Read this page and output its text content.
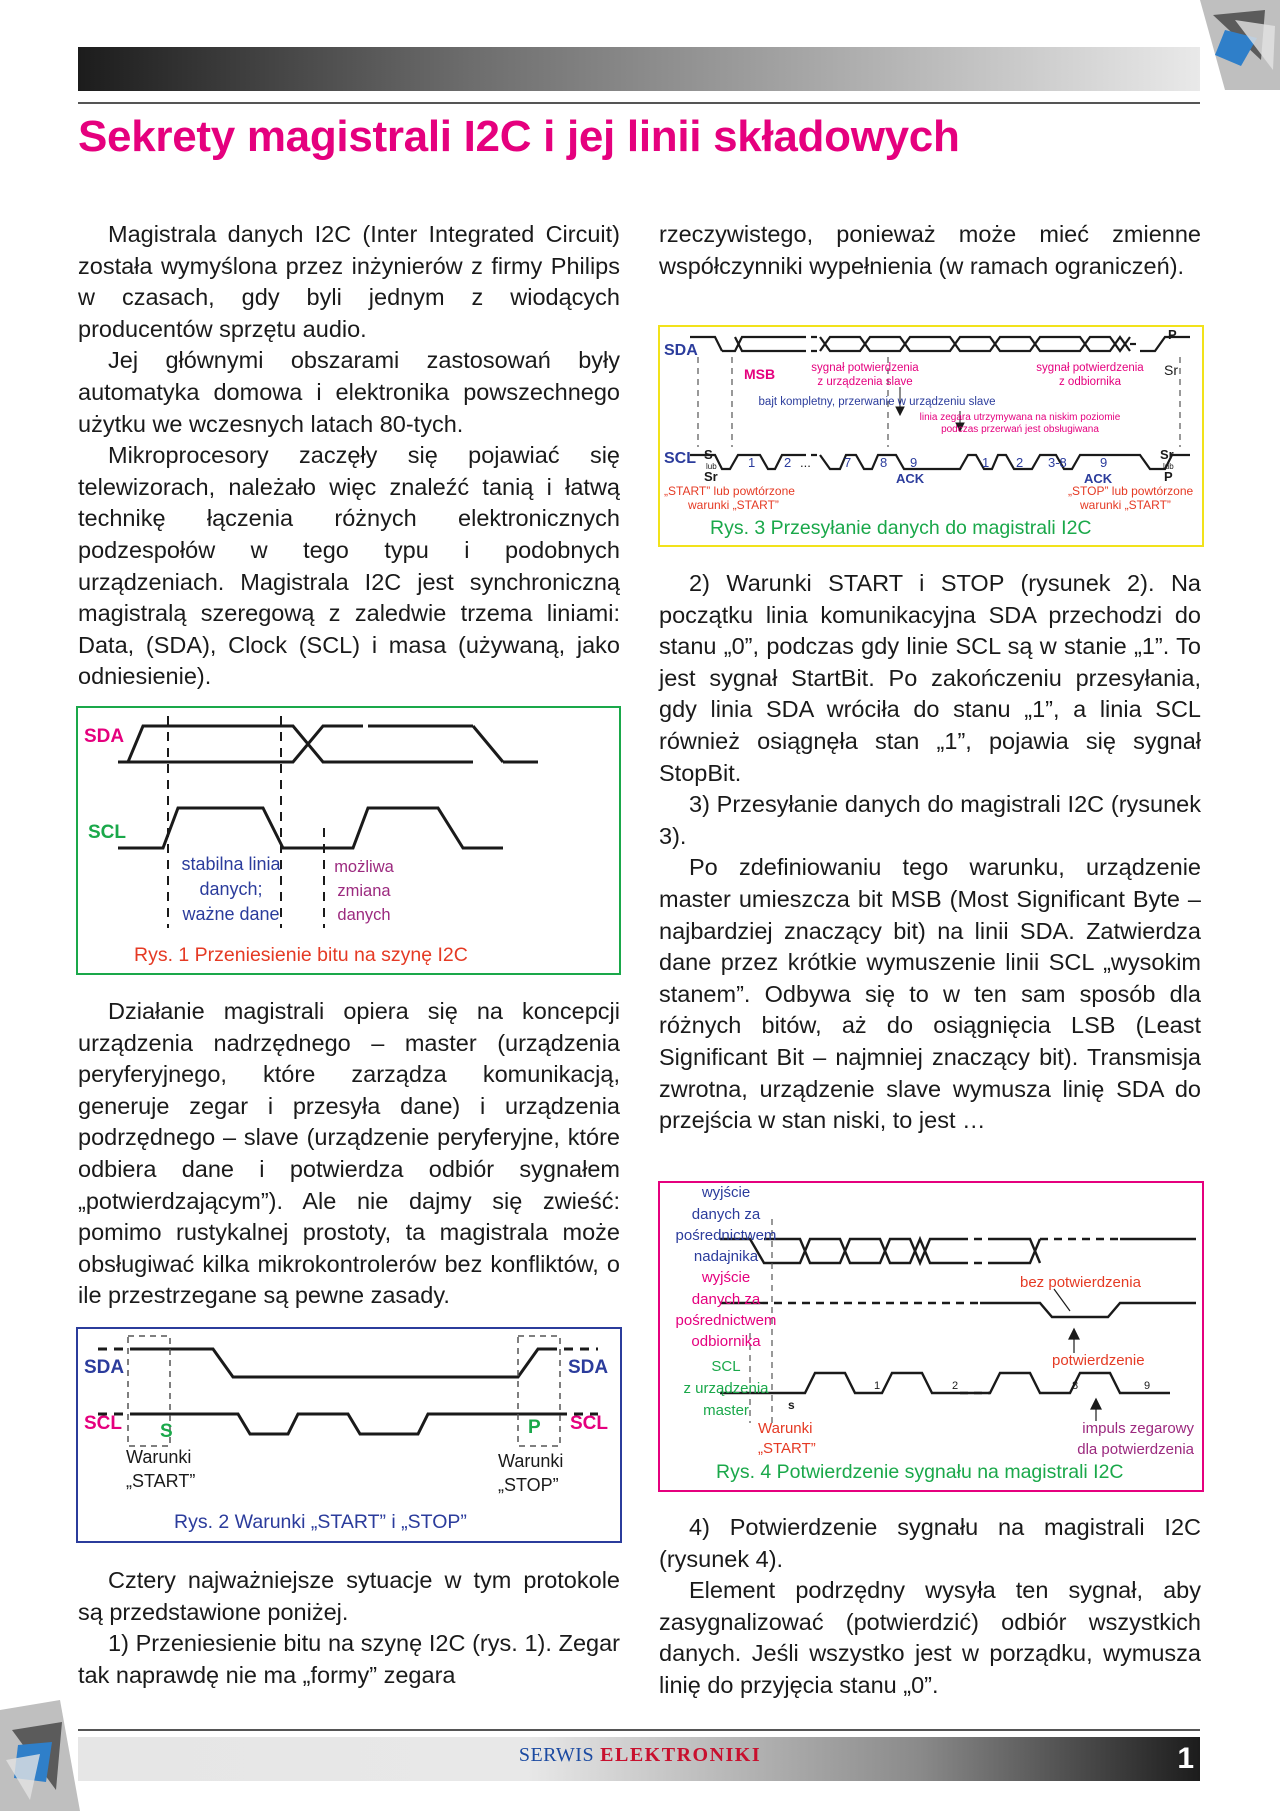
Sekrety magistrali I2C i jej linii składowych

Magistrala danych I2C (Inter Integrated Circuit) została wymyślona przez inżynierów z firmy Philips w czasach, gdy byli jednym z wiodących producentów sprzętu audio.

Jej głównymi obszarami zastosowań były automatyka domowa i elektronika powszechnego użytku we wczesnych latach 80-tych.

Mikroprocesory zaczęły się pojawiać się telewizorach, należało więc znaleźć tanią i łatwą technikę łączenia różnych elektronicznych podzespołów w tego typu i podobnych urządzeniach. Magistrala I2C jest synchroniczną magistralą szeregową z zaledwie trzema liniami: Data, (SDA), Clock (SCL) i masa (używaną, jako odniesienie).

SDA
SCL
stabilna linia
danych;
ważne dane
możliwa
zmiana
danych
Rys. 1 Przeniesienie bitu na szynę I2C

Działanie magistrali opiera się na koncepcji urządzenia nadrzędnego – master (urządzenia peryferyjnego, które zarządza komunikacją, generuje zegar i przesyła dane) i urządzenia podrzędnego – slave (urządzenie peryferyjne, które odbiera dane i potwierdza odbiór sygnałem „potwierdzającym”). Ale nie dajmy się zwieść: pomimo rustykalnej prostoty, ta magistrala może obsługiwać kilka mikrokontrolerów bez konfliktów, o ile przestrzegane są pewne zasady.

SDA	SDA
SCL	SCL
S	P
Warunki
„START”
Warunki
„STOP”
Rys. 2 Warunki „START” i „STOP”

Cztery najważniejsze sytuacje w tym protokole są przedstawione poniżej.

1) Przeniesienie bitu na szynę I2C (rys. 1). Zegar tak naprawdę nie ma „formy” zegara

rzeczywistego, ponieważ może mieć zmienne współczynniki wypełnienia (w ramach ograniczeń).

SDA
MSB	sygnał potwierdzenia
z urządzenia slave
sygnał potwierdzenia
z odbiornika
bajt kompletny, przerwanie w urządzeniu slave
linia zegara utrzymywana na niskim poziomie
podczas przerwań jest obsługiwana
P
Sr
SCL S
lub
Sr
Sr
lub
P
1 2 ...	7 8 9	1 2 3-8	9
ACK	ACK
„START” lub powtórzone
warunki „START”
„STOP” lub powtórzone
warunki „START”
Rys. 3 Przesyłanie danych do magistrali I2C

2) Warunki START i STOP (rysunek 2). Na początku linia komunikacyjna SDA przechodzi do stanu „0”, podczas gdy linie SCL są w stanie „1”. To jest sygnał StartBit. Po zakończeniu przesyłania, gdy linia SDA wróciła do stanu „1”, a linia SCL również osiągnęła stan „1”, pojawia się sygnał StopBit.

3) Przesyłanie danych do magistrali I2C (rysunek 3).

Po zdefiniowaniu tego warunku, urządzenie master umieszcza bit MSB (Most Significant Byte – najbardziej znaczący bit) na linii SDA. Zatwierdza dane przez krótkie wymuszenie linii SCL „wysokim stanem”. Odbywa się to w ten sam sposób dla różnych bitów, aż do osiągnięcia LSB (Least Significant Bit – najmniej znaczący bit). Transmisja zwrotna, urządzenie slave wymusza linię SDA do przejścia w stan niski, to jest …

wyjście
danych za
pośrednictwem
nadajnika
wyjście
danych za
pośrednictwem
odbiornika
SCL
z urządzenia
master	s
Warunki
„START”
bez potwierdzenia
potwierdzenie
1	2	8	9
impuls zegarowy
dla potwierdzenia
Rys. 4 Potwierdzenie sygnału na magistrali I2C

4) Potwierdzenie sygnału na magistrali I2C (rysunek 4).

Element podrzędny wysyła ten sygnał, aby zasygnalizować (potwierdzić) odbiór wszystkich danych. Jeśli wszystko jest w porządku, wymusza linię do przyjęcia stanu „0”.

SERWIS ELEKTRONIKI	1
